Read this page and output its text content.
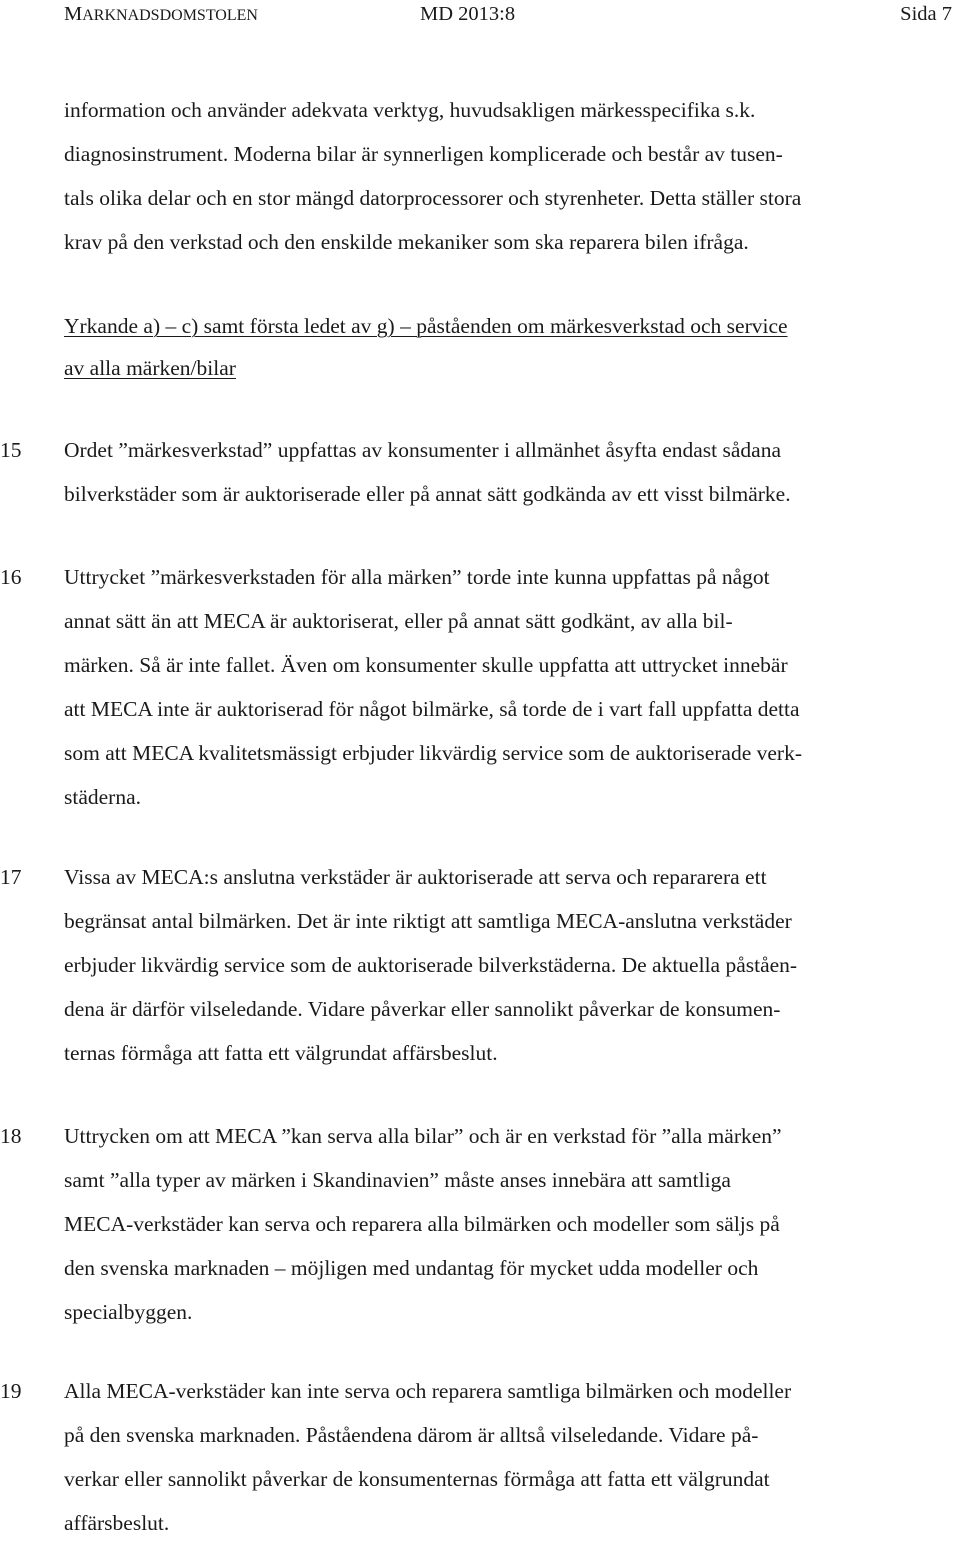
MARKNADSDOMSTOLEN	MD 2013:8	Sida 7
information och använder adekvata verktyg, huvudsakligen märkesspecifika s.k.
diagnosinstrument. Moderna bilar är synnerligen komplicerade och består av tusen-
tals olika delar och en stor mängd datorprocessorer och styrenheter. Detta ställer stora
krav på den verkstad och den enskilde mekaniker som ska reparera bilen ifråga.
Yrkande a) – c) samt första ledet av g) – påståenden om märkesverkstad och service
av alla märken/bilar
15	Ordet ”märkesverkstad” uppfattas av konsumenter i allmänhet åsyfta endast sådana
bilverkstäder som är auktoriserade eller på annat sätt godkända av ett visst bilmärke.
16	Uttrycket ”märkesverkstaden för alla märken” torde inte kunna uppfattas på något
annat sätt än att MECA är auktoriserat, eller på annat sätt godkänt, av alla bil-
märken. Så är inte fallet. Även om konsumenter skulle uppfatta att uttrycket innebär
att MECA inte är auktoriserad för något bilmärke, så torde de i vart fall uppfatta detta
som att MECA kvalitetsmässigt erbjuder likvärdig service som de auktoriserade verk-
städerna.
17	Vissa av MECA:s anslutna verkstäder är auktoriserade att serva och repararera ett
begränsat antal bilmärken. Det är inte riktigt att samtliga MECA-anslutna verkstäder
erbjuder likvärdig service som de auktoriserade bilverkstäderna. De aktuella påståen-
dena är därför vilseledande. Vidare påverkar eller sannolikt påverkar de konsumen-
ternas förmåga att fatta ett välgrundat affärsbeslut.
18	Uttrycken om att MECA ”kan serva alla bilar” och är en verkstad för ”alla märken”
samt ”alla typer av märken i Skandinavien” måste anses innebära att samtliga
MECA-verkstäder kan serva och reparera alla bilmärken och modeller som säljs på
den svenska marknaden – möjligen med undantag för mycket udda modeller och
specialbyggen.
19	Alla MECA-verkstäder kan inte serva och reparera samtliga bilmärken och modeller
på den svenska marknaden. Påståendena därom är alltså vilseledande. Vidare på-
verkar eller sannolikt påverkar de konsumenternas förmåga att fatta ett välgrundat
affärsbeslut.
